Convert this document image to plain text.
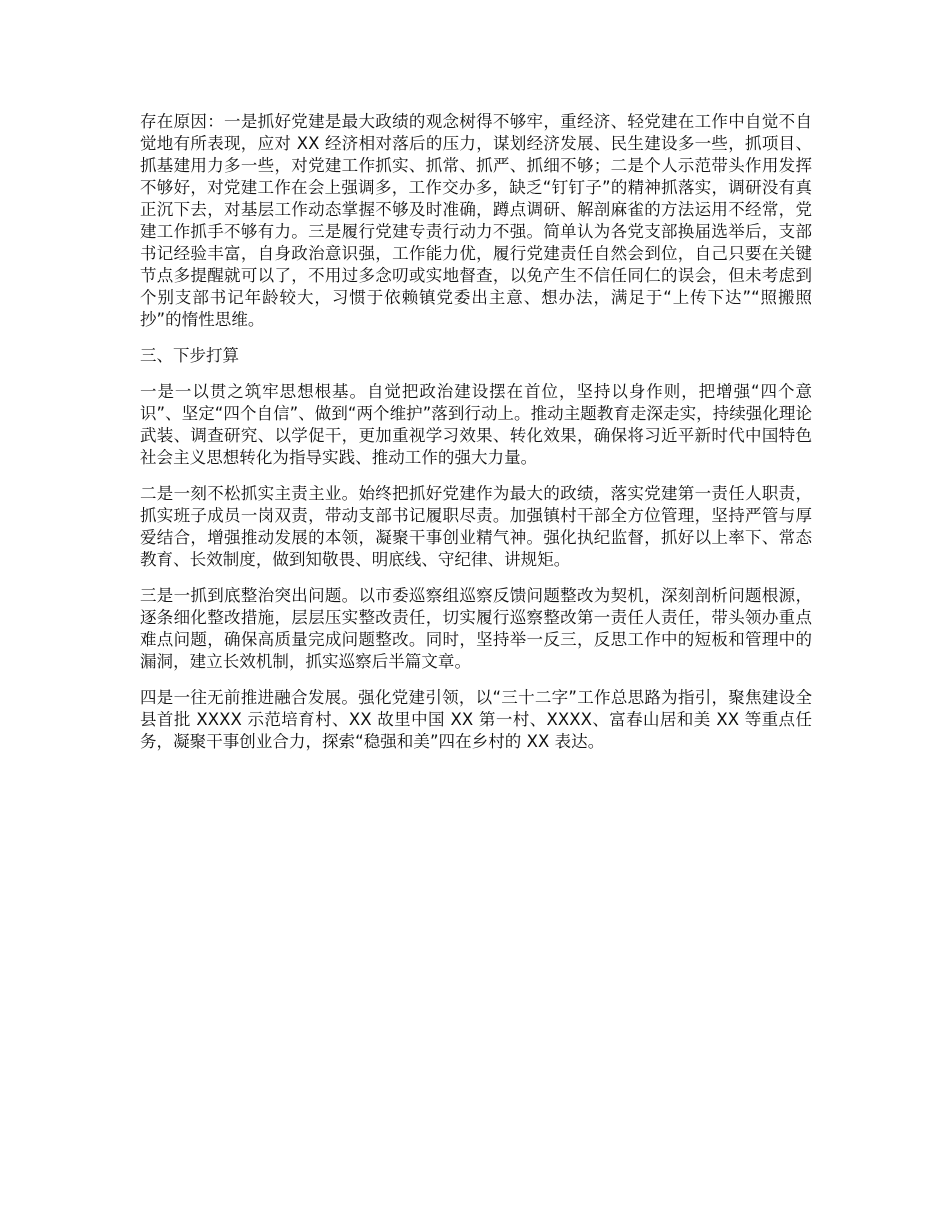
存在原因：一是抓好党建是最大政绩的观念树得不够牢，重经济、轻党建在工作中自觉不自觉地有所表现，应对 XX 经济相对落后的压力，谋划经济发展、民生建设多一些，抓项目、抓基建用力多一些，对党建工作抓实、抓常、抓严、抓细不够；二是个人示范带头作用发挥不够好，对党建工作在会上强调多，工作交办多，缺乏“钉钉子”的精神抓落实，调研没有真正沉下去，对基层工作动态掌握不够及时准确，蹲点调研、解剖麻雀的方法运用不经常，党建工作抓手不够有力。三是履行党建专责行动力不强。简单认为各党支部换届选举后，支部书记经验丰富，自身政治意识强，工作能力优，履行党建责任自然会到位，自己只要在关键节点多提醒就可以了，不用过多念叨或实地督查，以免产生不信任同仁的误会，但未考虑到个别支部书记年龄较大，习惯于依赖镇党委出主意、想办法，满足于“上传下达”“照搬照抄”的惰性思维。

三、下步打算

一是一以贯之筑牢思想根基。自觉把政治建设摆在首位，坚持以身作则，把增强“四个意识”、坚定“四个自信”、做到“两个维护”落到行动上。推动主题教育走深走实，持续强化理论武装、调查研究、以学促干，更加重视学习效果、转化效果，确保将习近平新时代中国特色社会主义思想转化为指导实践、推动工作的强大力量。

二是一刻不松抓实主责主业。始终把抓好党建作为最大的政绩，落实党建第一责任人职责，抓实班子成员一岗双责，带动支部书记履职尽责。加强镇村干部全方位管理，坚持严管与厚爱结合，增强推动发展的本领，凝聚干事创业精气神。强化执纪监督，抓好以上率下、常态教育、长效制度，做到知敬畏、明底线、守纪律、讲规矩。

三是一抓到底整治突出问题。以市委巡察组巡察反馈问题整改为契机，深刻剖析问题根源，逐条细化整改措施，层层压实整改责任，切实履行巡察整改第一责任人责任，带头领办重点难点问题，确保高质量完成问题整改。同时，坚持举一反三，反思工作中的短板和管理中的漏洞，建立长效机制，抓实巡察后半篇文章。

四是一往无前推进融合发展。强化党建引领，以“三十二字”工作总思路为指引，聚焦建设全县首批 XXXX 示范培育村、XX 故里中国 XX 第一村、XXXX、富春山居和美 XX 等重点任务，凝聚干事创业合力，探索“稳强和美”四在乡村的 XX 表达。
